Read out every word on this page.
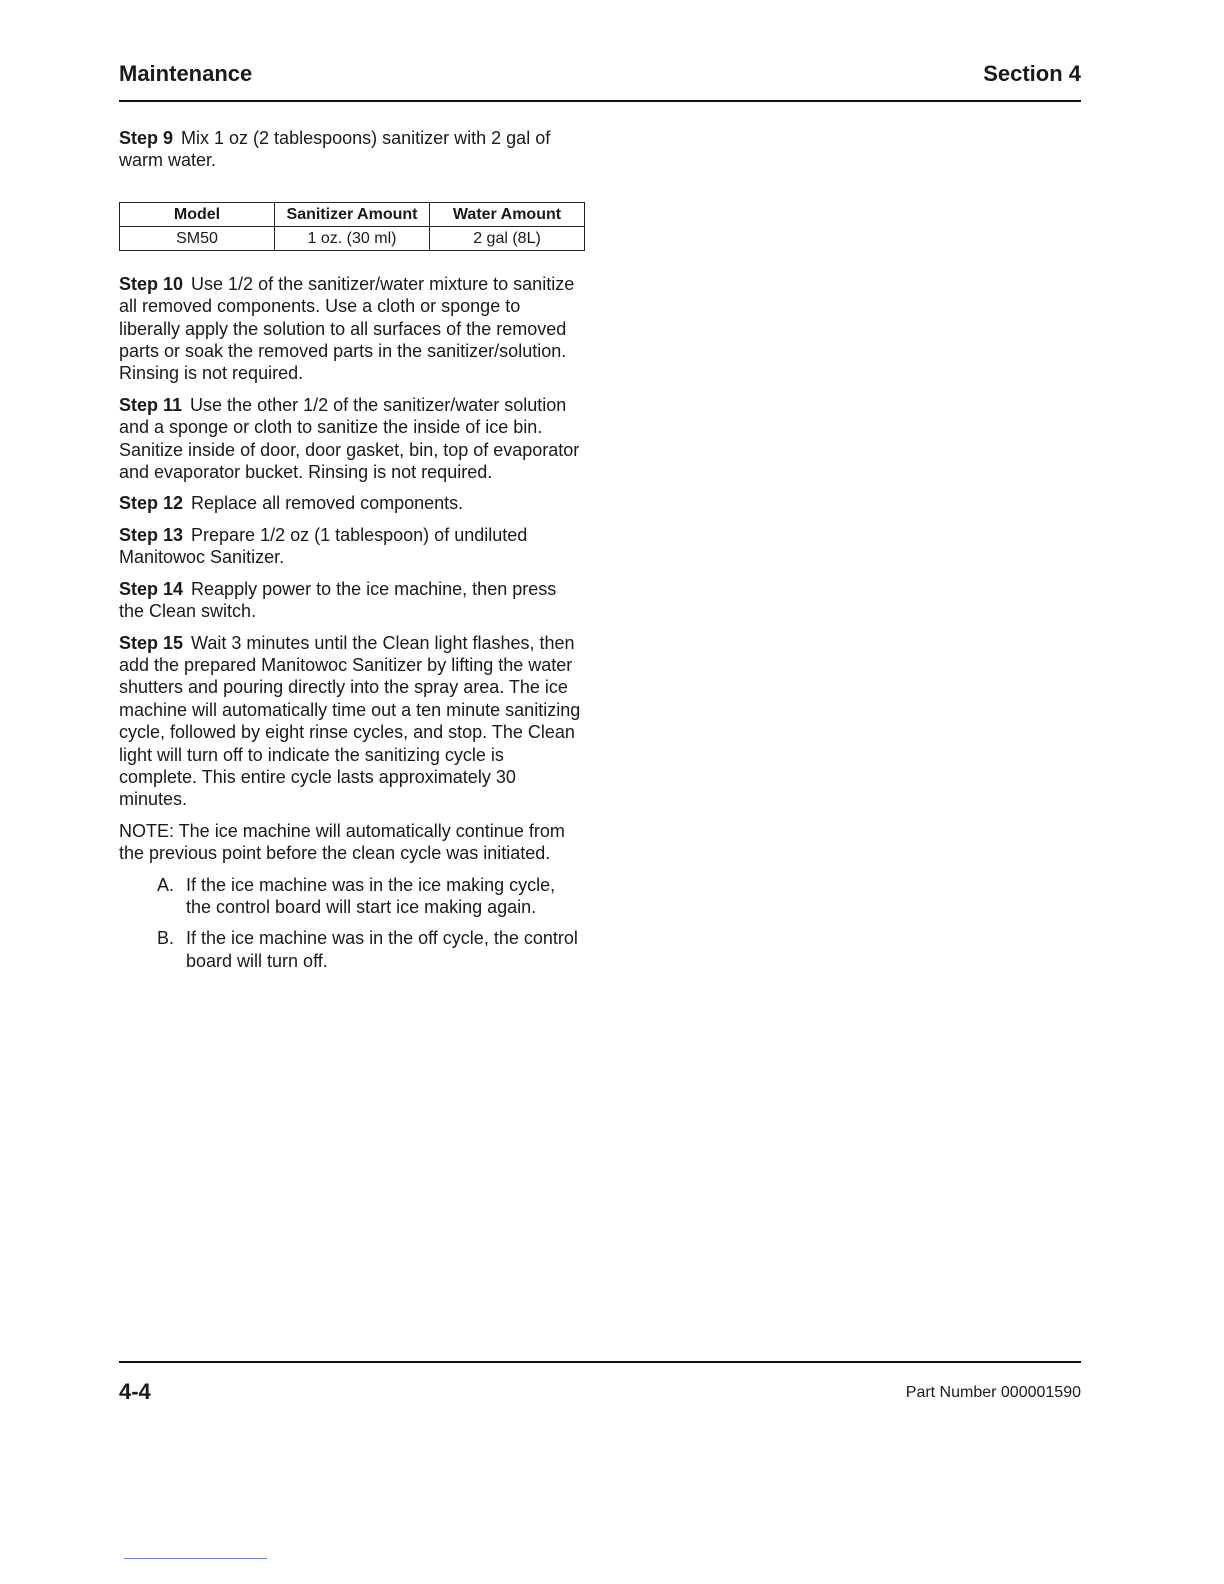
Maintenance	Section 4

Step 9 Mix 1 oz (2 tablespoons) sanitizer with 2 gal of warm water.

Model	Sanitizer Amount	Water Amount
SM50	1 oz. (30 ml)	2 gal (8L)

Step 10 Use 1/2 of the sanitizer/water mixture to sanitize all removed components. Use a cloth or sponge to liberally apply the solution to all surfaces of the removed parts or soak the removed parts in the sanitizer/solution. Rinsing is not required.

Step 11 Use the other 1/2 of the sanitizer/water solution and a sponge or cloth to sanitize the inside of ice bin. Sanitize inside of door, door gasket, bin, top of evaporator and evaporator bucket. Rinsing is not required.

Step 12 Replace all removed components.

Step 13 Prepare 1/2 oz (1 tablespoon) of undiluted Manitowoc Sanitizer.

Step 14 Reapply power to the ice machine, then press the Clean switch.

Step 15 Wait 3 minutes until the Clean light flashes, then add the prepared Manitowoc Sanitizer by lifting the water shutters and pouring directly into the spray area. The ice machine will automatically time out a ten minute sanitizing cycle, followed by eight rinse cycles, and stop. The Clean light will turn off to indicate the sanitizing cycle is complete. This entire cycle lasts approximately 30 minutes.

NOTE: The ice machine will automatically continue from the previous point before the clean cycle was initiated.

A. If the ice machine was in the ice making cycle, the control board will start ice making again.
B. If the ice machine was in the off cycle, the control board will turn off.
4-4	Part Number 000001590
